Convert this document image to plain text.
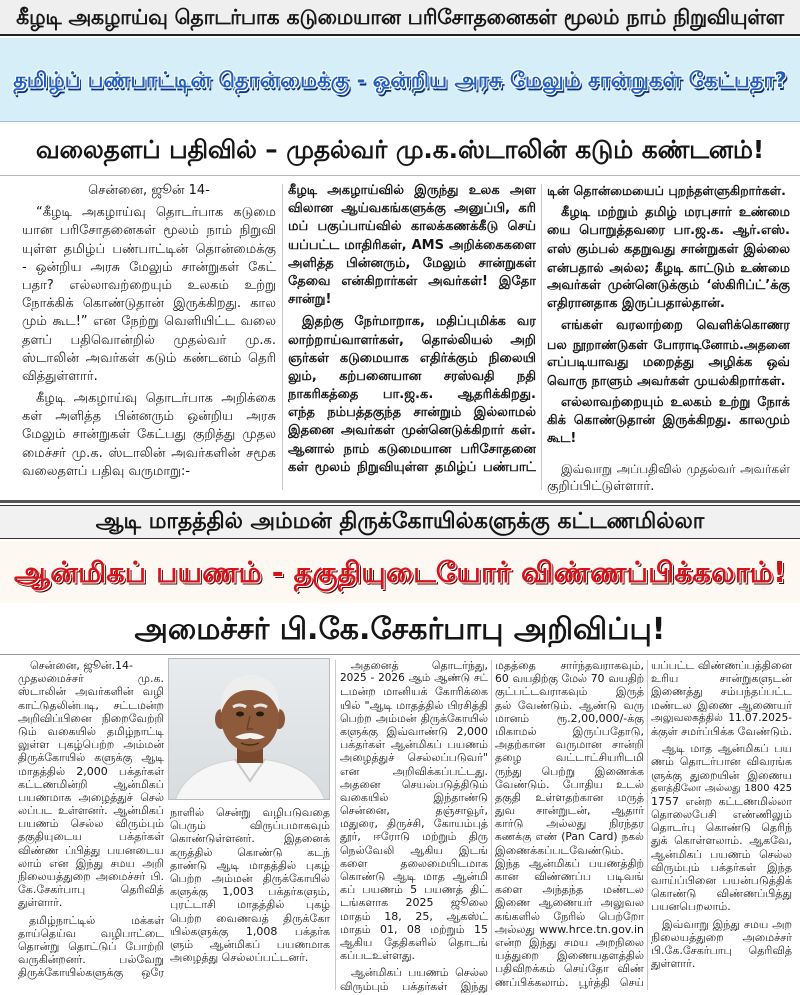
கீழடி அகழாய்வு தொடர்பாக கடுமையான பரிசோதனைகள் மூலம் நாம் நிறுவியுள்ள
தமிழ்ப் பண்பாட்டின் தொன்மைக்கு - ஒன்றிய அரசு மேலும் சான்றுகள் கேட்பதா?
வலைதளப் பதிவில் – முதல்வர் மு.க.ஸ்டாலின் கடும் கண்டனம்!
சென்னை, ஜூன் 14-
“கீழடி அகழாய்வு தொடர்பாக கடுமை
யான பரிசோதனைகள் மூலம் நாம் நிறுவி
யுள்ள தமிழ்ப் பண்பாட்டின் தொன்மைக்கு
- ஒன்றிய அரசு மேலும் சான்றுகள் கேட்
பதா? எல்லாவற்றையும் உலகம் உற்று
நோக்கிக் கொண்டுதான் இருக்கிறது. கால
மும் கூட!” என நேற்று வெளியிட்ட வலை
தளப் பதிவொன்றில் முதல்வர் மு.க.
ஸ்டாலின் அவர்கள் கடும் கண்டனம் தெரி
வித்துள்ளார்.
கீழடி அகழாய்வு தொடர்பாக அறிக்கை
கள் அளித்த பின்னரும் ஒன்றிய அரசு
மேலும் சான்றுகள் கேட்பது குறித்து முதல
மைச்சர் மு.க. ஸ்டாலின் அவர்களின் சமூக
வலைதளப் பதிவு வருமாறு:-
கீழடி அகழாய்வில் இருந்து உலக அள
விலான ஆய்வகங்களுக்கு அனுப்பி, கரி
மப் பகுப்பாய்வில் காலக்கணக்கீடு செய்
யப்பட்ட மாதிரிகள், AMS அறிக்கைகளை
அளித்த பின்னரும், மேலும் சான்றுகள்
தேவை என்கிறார்கள் அவர்கள்! இதோ
சான்று!
இதற்கு நேர்மாறாக, மதிப்புமிக்க வர
லாற்றாய்வாளர்கள், தொல்லியல் அறி
ஞர்கள் கடுமையாக எதிர்க்கும் நிலையி
லும், கற்பனையான சரஸ்வதி நதி
நாகரிகத்தை பா.ஜ.க. ஆதரிக்கிறது.
எந்த நம்பத்தகுந்த சான்றும் இல்லாமல்
இதனை அவர்கள் முன்னெடுக்கிறார் கள்.
ஆனால் நாம் கடுமையான பரிசோதனை
கள் மூலம் நிறுவியுள்ள தமிழ்ப் பண்பாட்
டின் தொன்மையைப் புறந்தள்ளுகிறார்கள்.
கீழடி மற்றும் தமிழ் மரபுசார் உண்மை
யை பொறுத்தவரை பா.ஜ.க. ஆர்.எஸ்.
எஸ் கும்பல் கதறுவது சான்றுகள் இல்லை
என்பதால் அல்ல; கீழடி காட்டும் உண்மை
அவர்கள் முன்னெடுக்கும் ‘ஸ்கிரிப்ட்’க்கு
எதிரானதாக இருப்பதால்தான்.
எங்கள் வரலாற்றை வெளிக்கொணர
பல நூறாண்டுகள் போராடினோம்.அதனை
எப்படியாவது மறைத்து அழிக்க ஒவ்
வொரு நாளும் அவர்கள் முயல்கிறார்கள்.
எல்லாவற்றையும் உலகம் உற்று நோக்
கிக் கொண்டுதான் இருக்கிறது. காலமும்
கூட!
இவ்வாறு அப்பதிவில் முதல்வர் அவர்கள்
குறிப்பிட்டுள்ளார்.
ஆடி மாதத்தில் அம்மன் திருக்கோயில்களுக்கு கட்டணமில்லா
ஆன்மிகப் பயணம் - தகுதியுடையோர் விண்ணப்பிக்கலாம்!
அமைச்சர் பி.கே.சேகர்பாபு அறிவிப்பு!
சென்னை, ஜூன்.14-
முதலமைச்சர் மு.க.
ஸ்டாலின் அவர்களின் வழி
காட்டுதலின்படி, சட்டமன்ற
அறிவிப்பினை நிறைவேற்றி
டும் வகையில் தமிழ்நாட்டி
லுள்ள புகழ்பெற்ற அம்மன்
திருக்கோயில் களுக்கு ஆடி
மாதத்தில் 2,000 பக்தர்கள்
கட்டணமின்றி ஆன்மிகப்
பயணமாக அழைத்துச் செல்
லப்பட உள்ளனர். ஆன்மிகப்
பயணம் செல்ல விரும்பும்
தகுதியுடைய பக்தர்கள்
விண்ண ப்பித்து பயனடைய
லாம் என இந்து சமய அறி
நிலையத்துறை அமைச்சர் பி.
கே.சேகர்பாபு தெரிவித்
துள்ளார்.
தமிழ்நாட்டில் மக்கள்
தாய்தெய்வ வழிபாட்டை
தொன்று தொட்டுப் போற்றி
வருகின்றனர். பல்வேறு
திருக்கோயில்களுக்கு ஒரே
நாளில் சென்று வழிபடுவதை
பெரும் விருப்பமாகவும்
கொண்டுள்ளனர். இதனைக்
கருத்தில் கொண்டு கடந்
தாண்டு ஆடி மாதத்தில் புகழ்
பெற்ற அம்மன் திருக்கோயில்
களுக்கு 1,003 பக்தர்களும்,
புரட்டாசி மாதத்தில் புகழ்
பெற்ற வைணவத் திருக்கோ
யில்களுக்கு 1,008 பக்தர்க
ளும் ஆன்மிகப் பயணமாக
அழைத்து செல்லப்பட்டனர்.
அதனைத் தொடர்ந்து,
2025 - 2026 ஆம் ஆண்டு சட்
டமன்ற மானியக் கோரிக்கை
யில் "ஆடி மாதத்தில் பிரசித்தி
பெற்ற அம்மன் திருக்கோயில்
களுக்கு இவ்வாண்டு 2,000
பக்தர்கள் ஆன்மிகப் பயணம்
அழைத்துச் செல்லப்படுவர்"
என அறிவிக்கப்பட்டது.
அதனை செயல்படுத்திடும்
வகையில் இந்தாண்டு
சென்னை, தஞ்சாவூர்,
மதுரை, திருச்சி, கோயம்புத்
தூர், ஈரோடு மற்றும் திரு
நெல்வேலி ஆகிய இடங்
களை தலைமையிடமாக
கொண்டு ஆடி மாத ஆன்மி
கப் பயணம் 5 பயணத் திட்
டங்களாக 2025 ஜூலை
மாதம் 18, 25, ஆகஸ்ட்
மாதம் 01, 08 மற்றும் 15
ஆகிய தேதிகளில் தொடங்
கப்படஉள்ளது.
ஆன்மிகப் பயணம் செல்ல
விரும்பும் பக்தர்கள் இந்து
மதத்தை சார்ந்தவராகவும்,
60 வயதிற்கு மேல் 70 வயதிற்
குட்பட்டவராகவும் இருத்
தல் வேண்டும். ஆண்டு வரு
மானம் ரூ.2,00,000/-க்கு
மிகாமல் இருப்பதோடு,
அதற்கான வருமான சான்றி
தழை வட்டாட்சியரிடமி
ருந்து பெற்று இணைக்க
வேண்டும். போதிய உடல்
தகுதி உள்ளதற்கான மருத்
துவ சான்றுடன், ஆதார்
கார்டு அல்லது நிரந்தர
கணக்கு எண் (Pan Card) நகல்
இணைக்கப்படவேண்டும்.
இந்த ஆன்மிகப் பயணத்திற்
கான விண்ணப்ப படிவங்
களை அந்தந்த மண்டல
இணை ஆணையர் அலுவல
கங்களில் நேரில் பெற்றோ
அல்லது www.hrce.tn.gov.in
என்ற இந்து சமய அறநிலை
யத்துறை இணையதளத்தில்
பதிவிறக்கம் செய்தோ விண்
ணப்பிக்கலாம். பூர்த்தி செய்
யப்பட்ட விண்ணப்பத்தினை
உரிய சான்றுகளுடன்
இணைத்து சம்பந்தப்பட்ட
மண்டல இணை ஆணையர்
அலுவலகத்தில் 11.07.2025-
க்குள் சமர்ப்பிக்க வேண்டும்.
ஆடி மாத ஆன்மிகப் பய
ணம் தொடர்பான விவரங்க
ளுக்கு துறையின் இணைய
தளத்திலோ அல்லது 1800 425
1757 என்ற கட்டணமில்லா
தொலைபேசி எண்ணிலும்
தொடர்பு கொண்டு தெரிந்
துக் கொள்ளலாம். ஆகவே,
ஆன்மிகப் பயணம் செல்ல
விரும்பும் பக்தர்கள் இந்த
வாய்ப்பினை பயன்படுத்திக்
கொண்டு விண்ணப்பித்து
பயனபெறலாம்.
இவ்வாறு இந்து சமய அற
நிலையத்துறை அமைச்சர்
பி.கே.சேகர்பாபு தெரிவித்
துள்ளார்.
